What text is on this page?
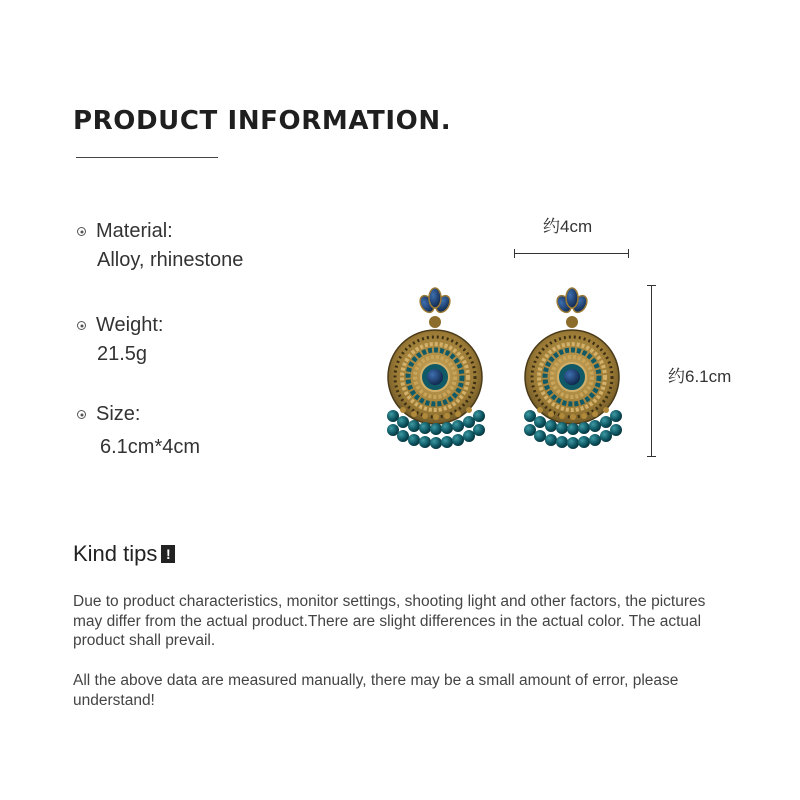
PRODUCT INFORMATION.
Material:
Alloy, rhinestone
Weight:
21.5g
Size:
6.1cm*4cm
约4cm
约6.1cm
Kind tips !
Due to product characteristics, monitor settings, shooting light and other factors, the pictures may differ from the actual product.There are slight differences in the actual color. The actual product shall prevail.
All the above data are measured manually, there may be a small amount of error, please understand!
